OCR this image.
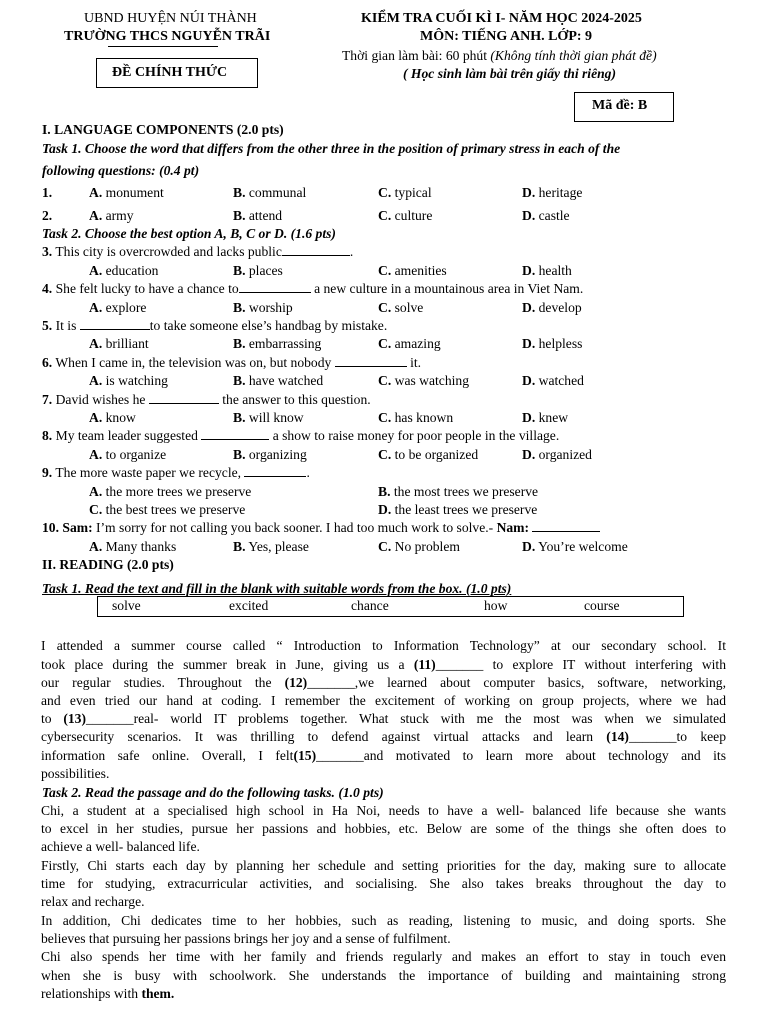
UBND HUYỆN NÚI THÀNH
TRƯỜNG THCS NGUYỄN TRÃI
ĐỀ CHÍNH THỨC
KIỂM TRA CUỐI KÌ I- NĂM HỌC 2024-2025
MÔN: TIẾNG ANH. LỚP: 9
Thời gian làm bài: 60 phút (Không tính thời gian phát đề)
( Học sinh làm bài trên giấy thi riêng)
Mã đề: B
I. LANGUAGE COMPONENTS (2.0 pts)
Task 1. Choose the word that differs from the other three in the position of primary stress in each of the
following questions: (0.4 pt)
1.	A. monument	B. communal	C. typical	D. heritage
2.	A. army	B. attend	C. culture	D. castle
Task 2. Choose the best option A, B, C or D. (1.6 pts)
3. This city is overcrowded and lacks public	.
A. education	B. places	C. amenities	D. health
4. She felt lucky to have a chance to	a new culture in a mountainous area in Viet Nam.
A. explore	B. worship	C. solve	D. develop
5. It is	to take someone else’s handbag by mistake.
A. brilliant	B. embarrassing	C. amazing	D. helpless
6. When I came in, the television was on, but nobody	it.
A. is watching	B. have watched	C. was watching	D. watched
7. David wishes he	the answer to this question.
A. know	B. will know	C. has known	D. knew
8. My team leader suggested	a show to raise money for poor people in the village.
A. to organize	B. organizing	C. to be organized	D. organized
9. The more waste paper we recycle,	.
A. the more trees we preserve	B. the most trees we preserve
C. the best trees we preserve	D. the least trees we preserve
10. Sam: I’m sorry for not calling you back sooner. I had too much work to solve.- Nam:
A. Many thanks	B. Yes, please	C. No problem	D. You’re welcome
II. READING (2.0 pts)
Task 1. Read the text and fill in the blank with suitable words from the box. (1.0 pts)
solve	excited	chance	how	course
I attended a summer course called “ Introduction to Information Technology” at our secondary school. It
took place during the summer break in June, giving us a (11)_______ to explore IT without interfering with
our regular studies. Throughout the (12)_______,we learned about computer basics, software, networking,
and even tried our hand at coding. I remember the excitement of working on group projects, where we had
to (13)_______real- world IT problems together. What stuck with me the most was when we simulated
cybersecurity scenarios. It was thrilling to defend against virtual attacks and learn (14)_______to keep
information safe online. Overall, I felt(15)_______and motivated to learn more about technology and its
possibilities.
Task 2. Read the passage and do the following tasks. (1.0 pts)
Chi, a student at a specialised high school in Ha Noi, needs to have a well- balanced life because she wants
to excel in her studies, pursue her passions and hobbies, etc. Below are some of the things she often does to
achieve a well- balanced life.
Firstly, Chi starts each day by planning her schedule and setting priorities for the day, making sure to allocate
time for studying, extracurricular activities, and socialising. She also takes breaks throughout the day to
relax and recharge.
In addition, Chi dedicates time to her hobbies, such as reading, listening to music, and doing sports. She
believes that pursuing her passions brings her joy and a sense of fulfilment.
Chi also spends her time with her family and friends regularly and makes an effort to stay in touch even
when she is busy with schoolwork. She understands the importance of building and maintaining strong
relationships with them.
